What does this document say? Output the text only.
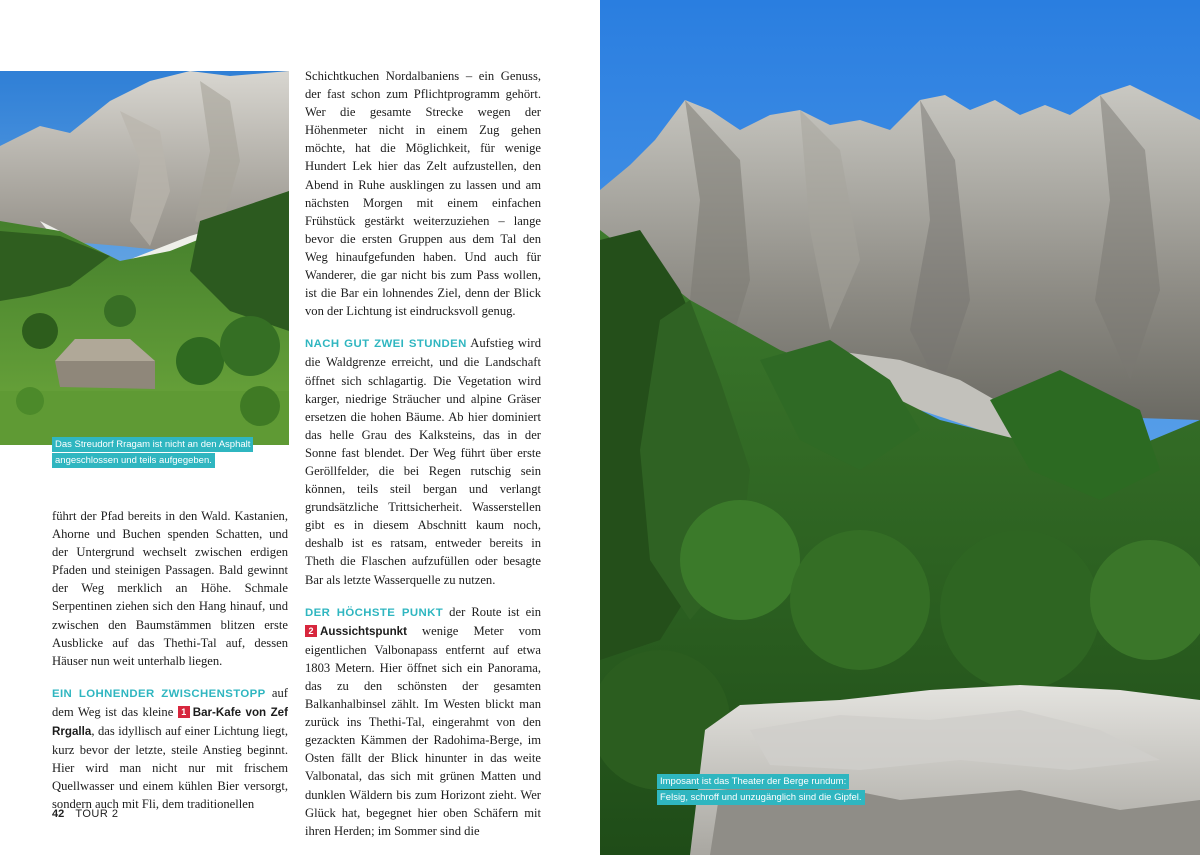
Das Streudorf Rragam ist nicht an den Asphalt
angeschlossen und teils aufgegeben.

führt der Pfad bereits in den Wald. Kastanien, Ahorne und Buchen spenden Schatten, und der Untergrund wechselt zwischen erdigen Pfaden und steinigen Passagen. Bald gewinnt der Weg merklich an Höhe. Schmale Serpentinen ziehen sich den Hang hinauf, und zwischen den Baumstämmen blitzen erste Ausblicke auf das Thethi-Tal auf, dessen Häuser nun weit unterhalb liegen.

EIN LOHNENDER ZWISCHENSTOPP auf dem Weg ist das kleine 1 Bar-Kafe von Zef Rrgalla, das idyllisch auf einer Lichtung liegt, kurz bevor der letzte, steile Anstieg beginnt. Hier wird man nicht nur mit frischem Quellwasser und einem kühlen Bier versorgt, sondern auch mit Fli, dem traditionellen

Schichtkuchen Nordalbaniens – ein Genuss, der fast schon zum Pflichtprogramm gehört. Wer die gesamte Strecke wegen der Höhenmeter nicht in einem Zug gehen möchte, hat die Möglichkeit, für wenige Hundert Lek hier das Zelt aufzustellen, den Abend in Ruhe ausklingen zu lassen und am nächsten Morgen mit einem einfachen Frühstück gestärkt weiterzuziehen – lange bevor die ersten Gruppen aus dem Tal den Weg hinaufgefunden haben. Und auch für Wanderer, die gar nicht bis zum Pass wollen, ist die Bar ein lohnendes Ziel, denn der Blick von der Lichtung ist eindrucksvoll genug.

NACH GUT ZWEI STUNDEN Aufstieg wird die Waldgrenze erreicht, und die Landschaft öffnet sich schlagartig. Die Vegetation wird karger, niedrige Sträucher und alpine Gräser ersetzen die hohen Bäume. Ab hier dominiert das helle Grau des Kalksteins, das in der Sonne fast blendet. Der Weg führt über erste Geröllfelder, die bei Regen rutschig sein können, teils steil bergan und verlangt grundsätzliche Trittsicherheit. Wasserstellen gibt es in diesem Abschnitt kaum noch, deshalb ist es ratsam, entweder bereits in Theth die Flaschen aufzufüllen oder besagte Bar als letzte Wasserquelle zu nutzen.

DER HÖCHSTE PUNKT der Route ist ein 2 Aussichtspunkt wenige Meter vom eigentlichen Valbonapass entfernt auf etwa 1803 Metern. Hier öffnet sich ein Panorama, das zu den schönsten der gesamten Balkanhalbinsel zählt. Im Westen blickt man zurück ins Thethi-Tal, eingerahmt von den gezackten Kämmen der Radohima-Berge, im Osten fällt der Blick hinunter in das weite Valbonatal, das sich mit grünen Matten und dunklen Wäldern bis zum Horizont zieht. Wer Glück hat, begegnet hier oben Schäfern mit ihren Herden; im Sommer sind die

42 TOUR 2
Imposant ist das Theater der Berge rundum:
Felsig, schroff und unzugänglich sind die Gipfel.
